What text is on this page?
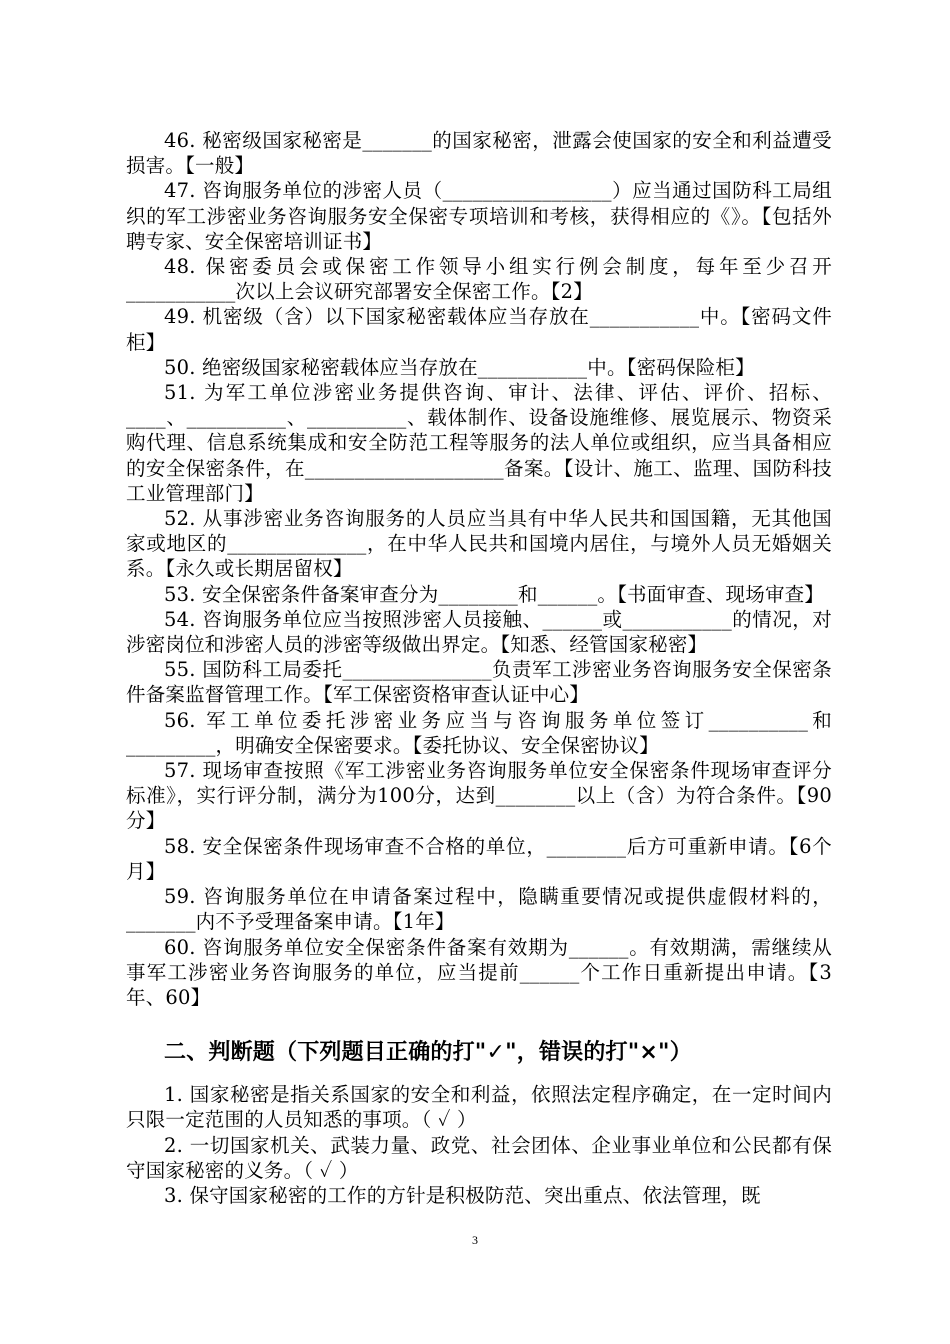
46. 秘密级国家秘密是_______的国家秘密，泄露会使国家的安全和利益遭受损害。【一般】
47. 咨询服务单位的涉密人员（_________________）应当通过国防科工局组织的军工涉密业务咨询服务安全保密专项培训和考核，获得相应的《》。【包括外聘专家、安全保密培训证书】
48. 保密委员会或保密工作领导小组实行例会制度，每年至少召开___________次以上会议研究部署安全保密工作。【2】
49. 机密级（含）以下国家秘密载体应当存放在___________中。【密码文件柜】
50. 绝密级国家秘密载体应当存放在___________中。【密码保险柜】
51. 为军工单位涉密业务提供咨询、审计、法律、评估、评价、招标、____、__________、__________、载体制作、设备设施维修、展览展示、物资采购代理、信息系统集成和安全防范工程等服务的法人单位或组织，应当具备相应的安全保密条件，在____________________备案。【设计、施工、监理、国防科技工业管理部门】
52. 从事涉密业务咨询服务的人员应当具有中华人民共和国国籍，无其他国家或地区的______________，在中华人民共和国境内居住，与境外人员无婚姻关系。【永久或长期居留权】
53. 安全保密条件备案审查分为________和______。【书面审查、现场审查】
54. 咨询服务单位应当按照涉密人员接触、______或___________的情况，对涉密岗位和涉密人员的涉密等级做出界定。【知悉、经管国家秘密】
55. 国防科工局委托_______________负责军工涉密业务咨询服务安全保密条件备案监督管理工作。【军工保密资格审查认证中心】
56. 军工单位委托涉密业务应当与咨询服务单位签订__________和_________，明确安全保密要求。【委托协议、安全保密协议】
57. 现场审查按照《军工涉密业务咨询服务单位安全保密条件现场审查评分标准》，实行评分制，满分为100分，达到________以上（含）为符合条件。【90分】
58. 安全保密条件现场审查不合格的单位，________后方可重新申请。【6个月】
59. 咨询服务单位在申请备案过程中，隐瞒重要情况或提供虚假材料的，_______内不予受理备案申请。【1年】
60. 咨询服务单位安全保密条件备案有效期为______。有效期满，需继续从事军工涉密业务咨询服务的单位，应当提前______个工作日重新提出申请。【3年、60】
二、判断题（下列题目正确的打"✓"，错误的打"×"）
1. 国家秘密是指关系国家的安全和利益，依照法定程序确定，在一定时间内只限一定范围的人员知悉的事项。（ ✓ ）
2. 一切国家机关、武装力量、政党、社会团体、企业事业单位和公民都有保守国家秘密的义务。（ ✓ ）
3. 保守国家秘密的工作的方针是积极防范、突出重点、依法管理，既
3
